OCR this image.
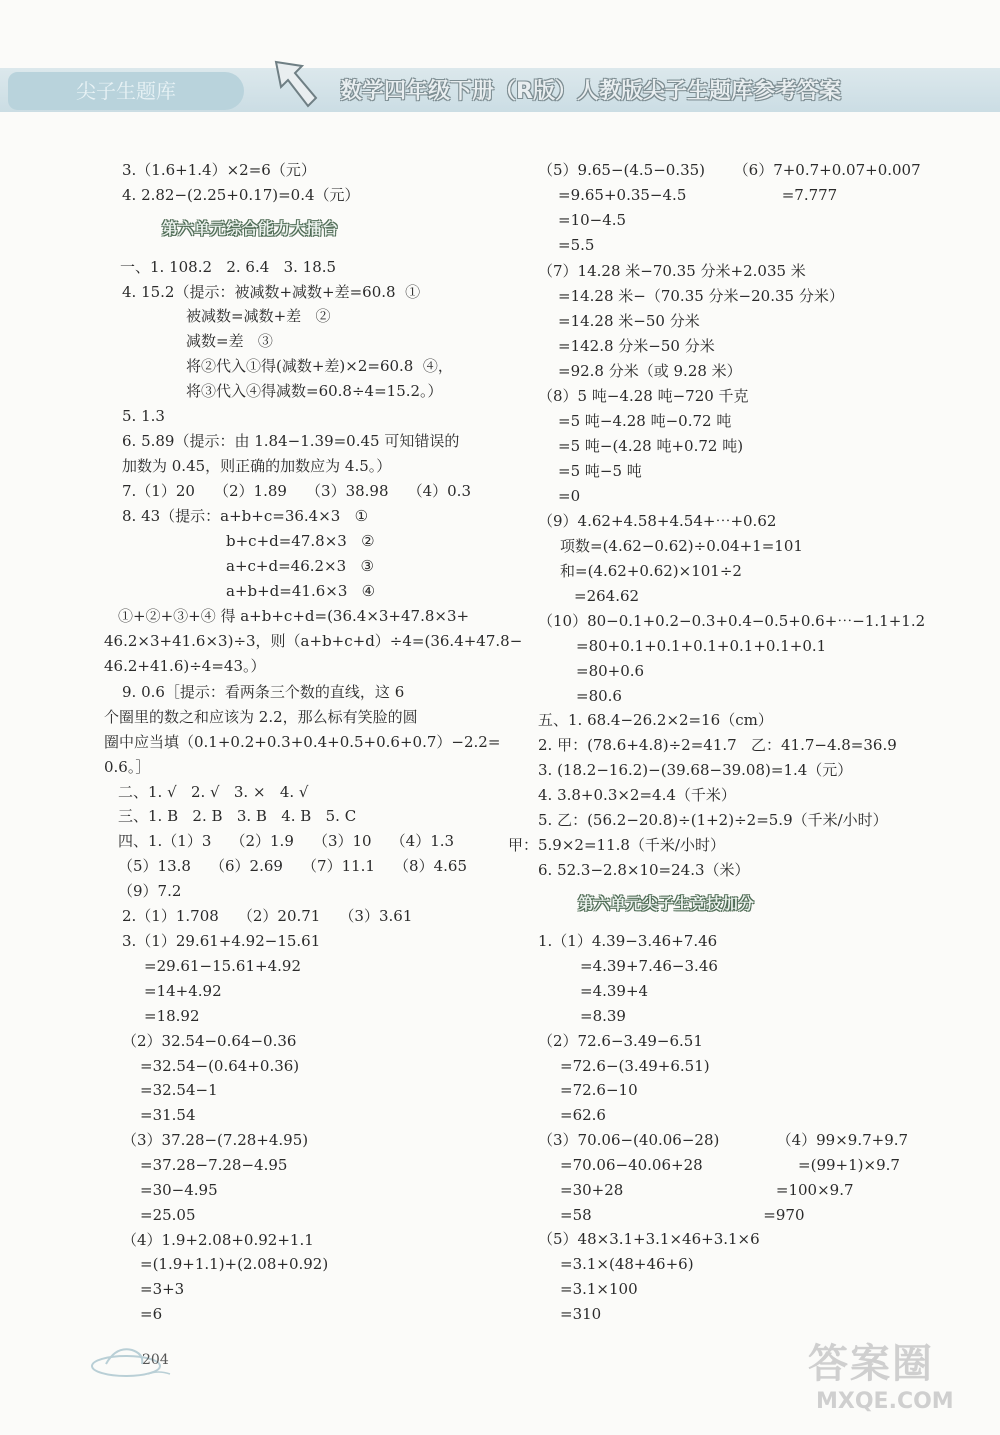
尖子生题库	数学四年级下册（R版）人教版尖子生题库参考答案
3.（1.6+1.4）×2=6（元）
4. 2.82−(2.25+0.17)=0.4（元）
第六单元综合能力大擂台
一、1. 108.2   2. 6.4   3. 18.5
4. 15.2（提示：被减数+减数+差=60.8  ①
被减数=减数+差   ②
减数=差   ③
将②代入①得(减数+差)×2=60.8  ④，
将③代入④得减数=60.8÷4=15.2。）
5. 1.3
6. 5.89（提示：由 1.84−1.39=0.45 可知错误的
加数为 0.45，则正确的加数应为 4.5。）
7.（1）20    （2）1.89    （3）38.98    （4）0.3
8. 43（提示：a+b+c=36.4×3   ①
b+c+d=47.8×3   ②
a+c+d=46.2×3   ③
a+b+d=41.6×3   ④
①+②+③+④ 得 a+b+c+d=(36.4×3+47.8×3+
46.2×3+41.6×3)÷3，则（a+b+c+d）÷4=(36.4+47.8−
46.2+41.6)÷4=43。）
9. 0.6［提示：看两条三个数的直线，这 6
个圈里的数之和应该为 2.2，那么标有笑脸的圆
圈中应当填（0.1+0.2+0.3+0.4+0.5+0.6+0.7）−2.2=
0.6。］
二、1. √   2. √   3. ×   4. √
三、1. B   2. B   3. B   4. B   5. C
四、1.（1）3    （2）1.9    （3）10    （4）1.3
（5）13.8    （6）2.69    （7）11.1    （8）4.65
（9）7.2
2.（1）1.708    （2）20.71    （3）3.61
3.（1）29.61+4.92−15.61
=29.61−15.61+4.92
=14+4.92
=18.92
（2）32.54−0.64−0.36
=32.54−(0.64+0.36)
=32.54−1
=31.54
（3）37.28−(7.28+4.95)
=37.28−7.28−4.95
=30−4.95
=25.05
（4）1.9+2.08+0.92+1.1
=(1.9+1.1)+(2.08+0.92)
=3+3
=6
（5）9.65−(4.5−0.35)      （6）7+0.7+0.07+0.007
=9.65+0.35−4.5                    =7.777
=10−4.5
=5.5
（7）14.28 米−70.35 分米+2.035 米
=14.28 米−（70.35 分米−20.35 分米）
=14.28 米−50 分米
=142.8 分米−50 分米
=92.8 分米（或 9.28 米）
（8）5 吨−4.28 吨−720 千克
=5 吨−4.28 吨−0.72 吨
=5 吨−(4.28 吨+0.72 吨)
=5 吨−5 吨
=0
（9）4.62+4.58+4.54+⋯+0.62
项数=(4.62−0.62)÷0.04+1=101
和=(4.62+0.62)×101÷2
=264.62
（10）80−0.1+0.2−0.3+0.4−0.5+0.6+⋯−1.1+1.2
=80+0.1+0.1+0.1+0.1+0.1+0.1
=80+0.6
=80.6
五、1. 68.4−26.2×2=16（cm）
2. 甲：(78.6+4.8)÷2=41.7   乙：41.7−4.8=36.9
3. (18.2−16.2)−(39.68−39.08)=1.4（元）
4. 3.8+0.3×2=4.4（千米）
5. 乙：(56.2−20.8)÷(1+2)÷2=5.9（千米/小时）
甲：5.9×2=11.8（千米/小时）
6. 52.3−2.8×10=24.3（米）
第六单元尖子生竞技加分
1.（1）4.39−3.46+7.46
=4.39+7.46−3.46
=4.39+4
=8.39
（2）72.6−3.49−6.51
=72.6−(3.49+6.51)
=72.6−10
=62.6
（3）70.06−(40.06−28)            （4）99×9.7+9.7
=70.06−40.06+28                    =(99+1)×9.7
=30+28                                =100×9.7
=58                                    =970
（5）48×3.1+3.1×46+3.1×6
=3.1×(48+46+6)
=3.1×100
=310
204	答案圈
MXQE.COM
